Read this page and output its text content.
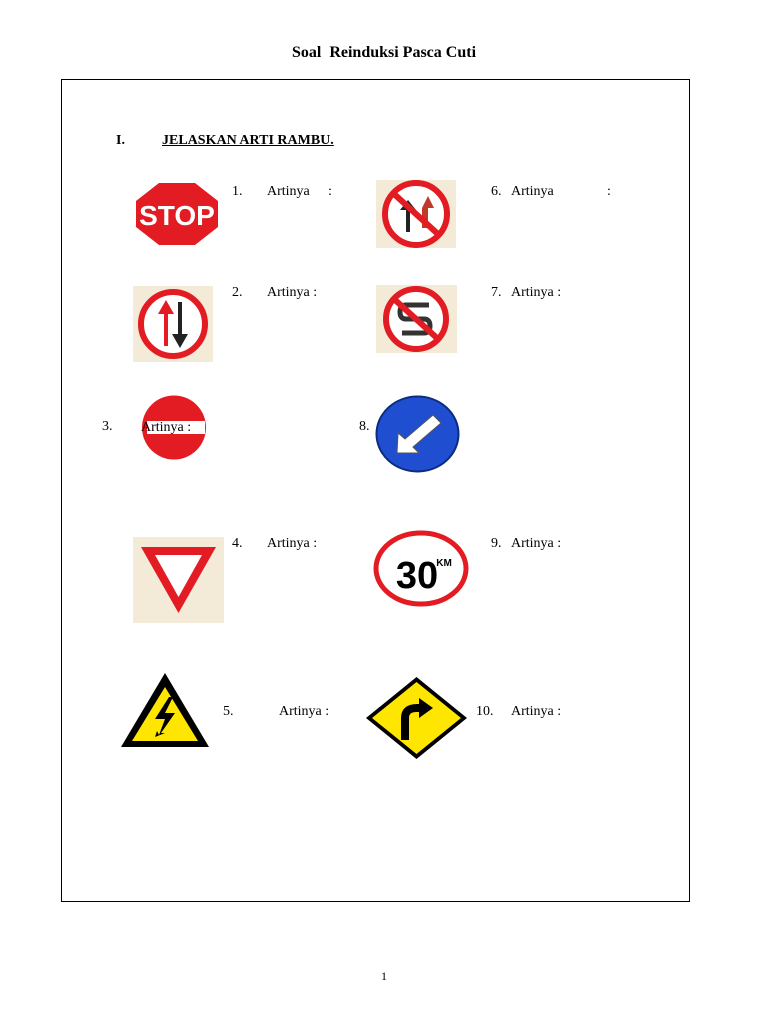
Soal  Reinduksi Pasca Cuti
I.	JELASKAN ARTI RAMBU.
STOP
30
KM
1. Artinya :
2. Artinya :
3. Artinya :
4. Artinya :
5.	Artinya :
6. Artinya	:
7. Artinya :
8.
9. Artinya :
10. Artinya :
1
